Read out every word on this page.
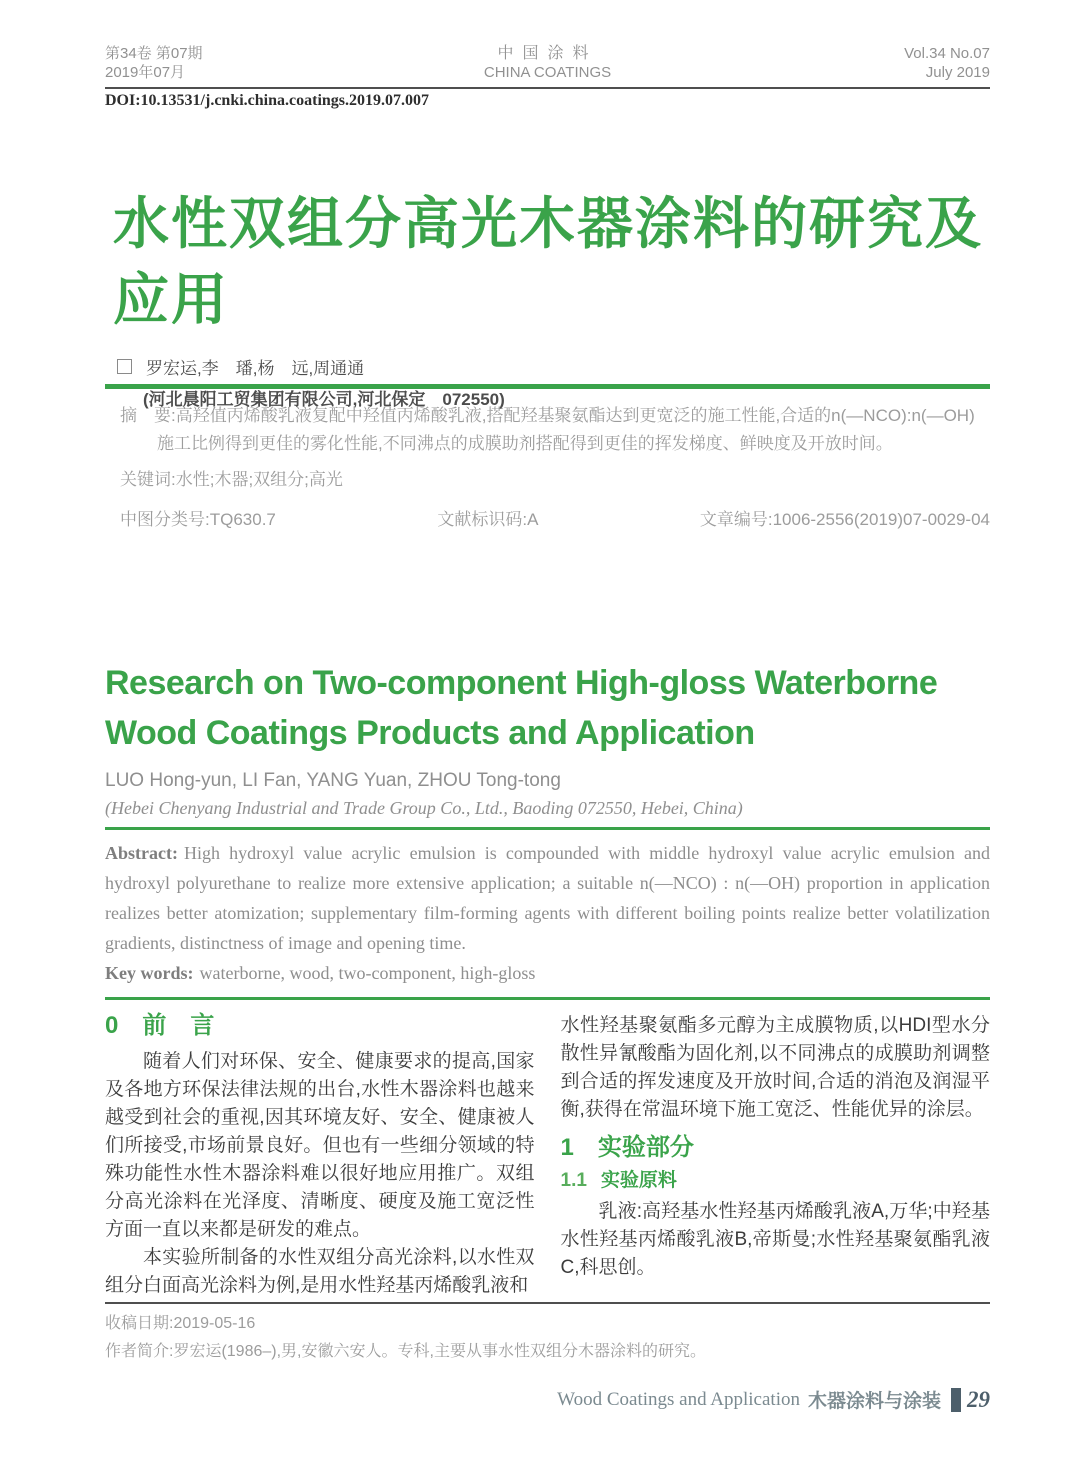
第34卷 第07期
2019年07月
中国涂料
CHINA COATINGS
Vol.34 No.07
July 2019
DOI:10.13531/j.cnki.china.coatings.2019.07.007
水性双组分高光木器涂料的研究及应用
罗宏运,李　璠,杨　远,周通通
(河北晨阳工贸集团有限公司,河北保定　072550)

摘　要:高羟值丙烯酸乳液复配中羟值丙烯酸乳液,搭配羟基聚氨酯达到更宽泛的施工性能,合适的n(—NCO):n(—OH)施工比例得到更佳的雾化性能,不同沸点的成膜助剂搭配得到更佳的挥发梯度、鲜映度及开放时间。

关键词:水性;木器;双组分;高光
中图分类号:TQ630.7	文献标识码:A	文章编号:1006-2556(2019)07-0029-04
Research on Two-component High-gloss Waterborne Wood Coatings Products and Application
LUO Hong-yun, LI Fan, YANG Yuan, ZHOU Tong-tong
(Hebei Chenyang Industrial and Trade Group Co., Ltd., Baoding 072550, Hebei, China)

Abstract: High hydroxyl value acrylic emulsion is compounded with middle hydroxyl value acrylic emulsion and hydroxyl polyurethane to realize more extensive application; a suitable n(—NCO) : n(—OH) proportion in application realizes better atomization; supplementary film-forming agents with different boiling points realize better volatilization gradients, distinctness of image and opening time.

Key words: waterborne, wood, two-component, high-gloss

0　前　言

随着人们对环保、安全、健康要求的提高,国家及各地方环保法律法规的出台,水性木器涂料也越来越受到社会的重视,因其环境友好、安全、健康被人们所接受,市场前景良好。但也有一些细分领域的特殊功能性水性木器涂料难以很好地应用推广。双组分高光涂料在光泽度、清晰度、硬度及施工宽泛性方面一直以来都是研发的难点。

本实验所制备的水性双组分高光涂料,以水性双组分白面高光涂料为例,是用水性羟基丙烯酸乳液和

水性羟基聚氨酯多元醇为主成膜物质,以HDI型水分散性异氰酸酯为固化剂,以不同沸点的成膜助剂调整到合适的挥发速度及开放时间,合适的消泡及润湿平衡,获得在常温环境下施工宽泛、性能优异的涂层。

1　实验部分
1.1 实验原料

乳液:高羟基水性羟基丙烯酸乳液A,万华;中羟基水性羟基丙烯酸乳液B,帝斯曼;水性羟基聚氨酯乳液C,科思创。

收稿日期:2019-05-16
作者简介:罗宏运(1986–),男,安徽六安人。专科,主要从事水性双组分木器涂料的研究。
Wood Coatings and Application 木器涂料与涂装 29
